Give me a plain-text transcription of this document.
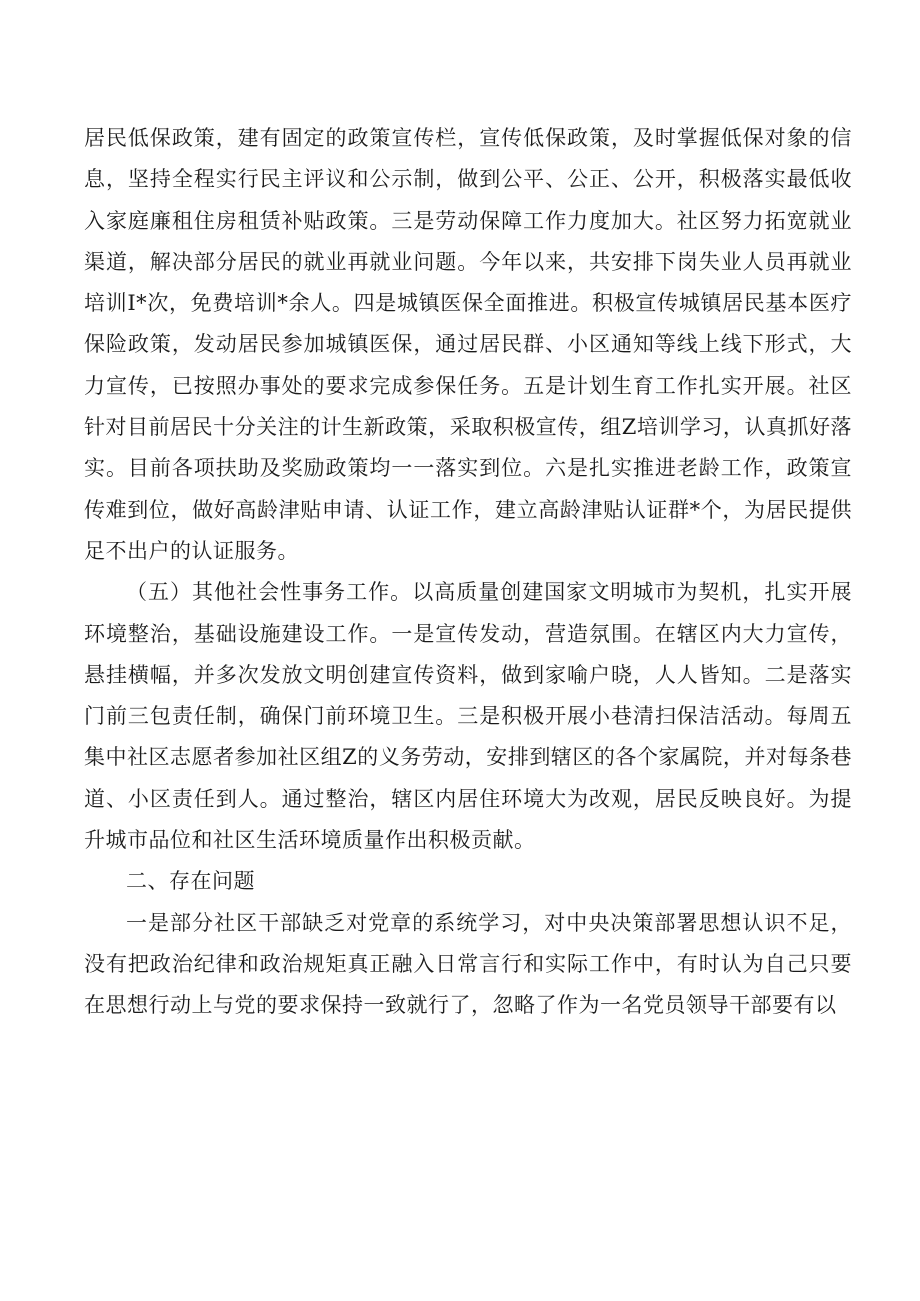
居民低保政策，建有固定的政策宣传栏，宣传低保政策，及时掌握低保对象的信息，坚持全程实行民主评议和公示制，做到公平、公正、公开，积极落实最低收入家庭廉租住房租赁补贴政策。三是劳动保障工作力度加大。社区努力拓宽就业渠道，解决部分居民的就业再就业问题。今年以来，共安排下岗失业人员再就业培训I*次，免费培训*余人。四是城镇医保全面推进。积极宣传城镇居民基本医疗保险政策，发动居民参加城镇医保，通过居民群、小区通知等线上线下形式，大力宣传，已按照办事处的要求完成参保任务。五是计划生育工作扎实开展。社区针对目前居民十分关注的计生新政策，采取积极宣传，组Z培训学习，认真抓好落实。目前各项扶助及奖励政策均一一落实到位。六是扎实推进老龄工作，政策宣传难到位，做好高龄津贴申请、认证工作，建立高龄津贴认证群*个，为居民提供足不出户的认证服务。

（五）其他社会性事务工作。以高质量创建国家文明城市为契机，扎实开展环境整治，基础设施建设工作。一是宣传发动，营造氛围。在辖区内大力宣传，悬挂横幅，并多次发放文明创建宣传资料，做到家喻户晓，人人皆知。二是落实门前三包责任制，确保门前环境卫生。三是积极开展小巷清扫保洁活动。每周五集中社区志愿者参加社区组Z的义务劳动，安排到辖区的各个家属院，并对每条巷道、小区责任到人。通过整治，辖区内居住环境大为改观，居民反映良好。为提升城市品位和社区生活环境质量作出积极贡献。

二、存在问题

一是部分社区干部缺乏对党章的系统学习，对中央决策部署思想认识不足，没有把政治纪律和政治规矩真正融入日常言行和实际工作中，有时认为自己只要在思想行动上与党的要求保持一致就行了，忽略了作为一名党员领导干部要有以
